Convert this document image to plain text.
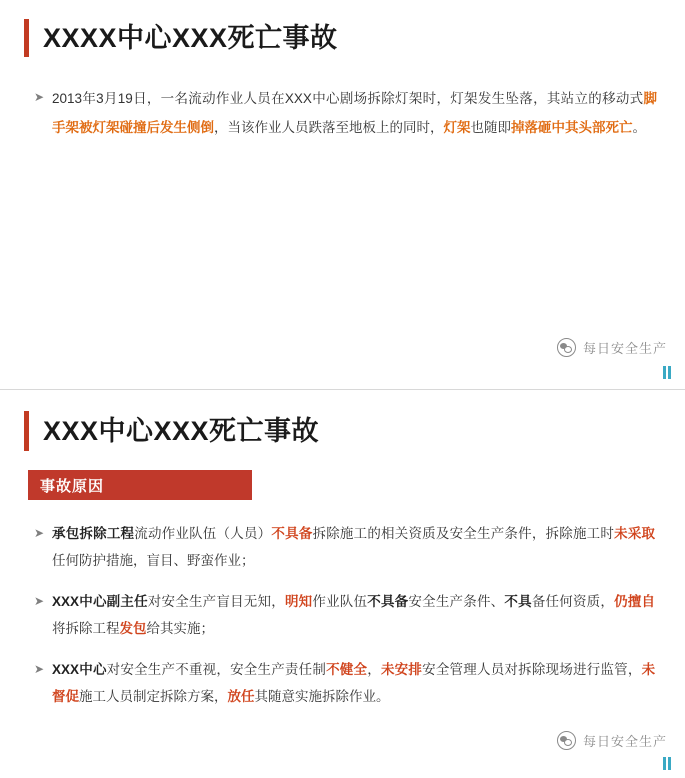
XXXX中心XXX死亡事故
➤ 2013年3月19日，一名流动作业人员在XXX中心剧场拆除灯架时，灯架发生坠落，其站立的移动式脚手架被灯架碰撞后发生侧倒，当该作业人员跌落至地板上的同时，灯架也随即掉落砸中其头部死亡。
每日安全生产
XXX中心XXX死亡事故
事故原因
➤ 承包拆除工程流动作业队伍（人员）不具备拆除施工的相关资质及安全生产条件，拆除施工时未采取任何防护措施，盲目、野蛮作业；
➤ XXX中心副主任对安全生产盲目无知，明知作业队伍不具备安全生产条件、不具备任何资质，仍擅自将拆除工程发包给其实施；
➤ XXX中心对安全生产不重视，安全生产责任制不健全，未安排安全管理人员对拆除现场进行监管，未督促施工人员制定拆除方案，放任其随意实施拆除作业。
每日安全生产
